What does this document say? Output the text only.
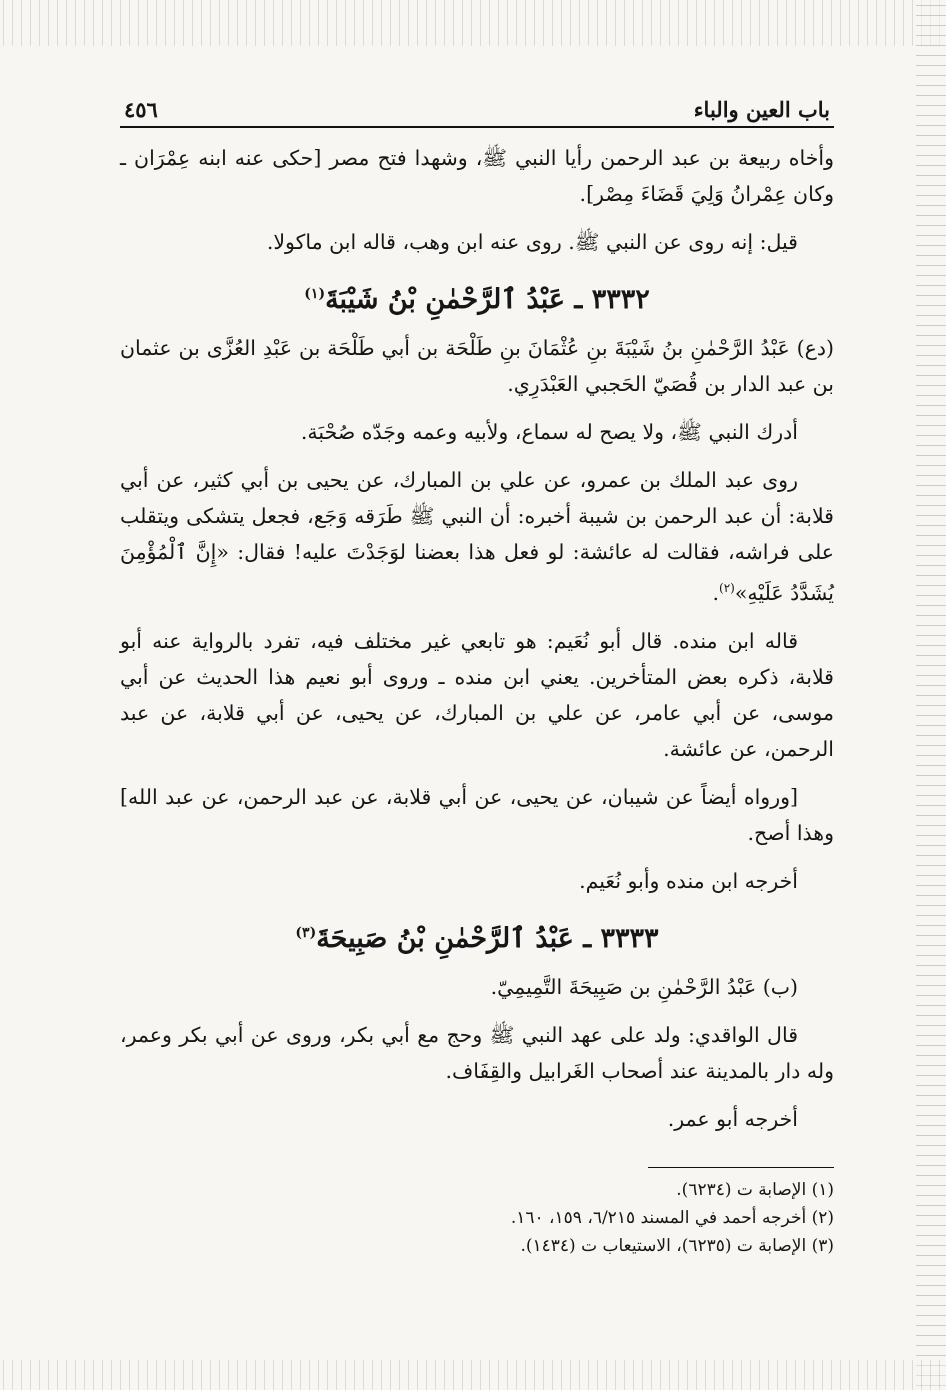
باب العين والباء
٤٥٦

وأخاه ربيعة بن عبد الرحمن رأيا النبي ﷺ، وشهدا فتح مصر [حكى عنه ابنه عِمْرَان ـ وكان عِمْرانُ وَلِيَ قَضَاءَ مِصْر].

قيل: إنه روى عن النبي ﷺ. روى عنه ابن وهب، قاله ابن ماكولا.

٣٣٣٢ ـ عَبْدُ ٱلرَّحْمٰنِ بْنُ شَيْبَةَ$^{(١)}$

(دع) عَبْدُ الرَّحْمٰنِ بنُ شَيْبَةَ بنِ عُثْمَانَ بنِ طَلْحَة بن أبي طَلْحَة بن عَبْدِ العُزَّى بن عثمان بن عبد الدار بن قُصَيّ الحَجبي العَبْدَرِي.

أدرك النبي ﷺ، ولا يصح له سماع، ولأبيه وعمه وجَدّه صُحْبَة.

روى عبد الملك بن عمرو، عن علي بن المبارك، عن يحيى بن أبي كثير، عن أبي قلابة: أن عبد الرحمن بن شيبة أخبره: أن النبي ﷺ طَرَقه وَجَع، فجعل يتشكى ويتقلب على فراشه، فقالت له عائشة: لو فعل هذا بعضنا لوَجَدْتَ عليه! فقال: «إِنَّ ٱلْمُؤْمِنَ يُشَدَّدُ عَلَيْهِ»$^{(٢)}$.

قاله ابن منده. قال أبو نُعَيم: هو تابعي غير مختلف فيه، تفرد بالرواية عنه أبو قلابة، ذكره بعض المتأخرين. يعني ابن منده ـ وروى أبو نعيم هذا الحديث عن أبي موسى، عن أبي عامر، عن علي بن المبارك، عن يحيى، عن أبي قلابة، عن عبد الرحمن، عن عائشة.

[ورواه أيضاً عن شيبان، عن يحيى، عن أبي قلابة، عن عبد الرحمن، عن عبد الله] وهذا أصح.

أخرجه ابن منده وأبو نُعَيم.

٣٣٣٣ ـ عَبْدُ ٱلرَّحْمٰنِ بْنُ صَبِيحَةَ$^{(٣)}$

(ب) عَبْدُ الرَّحْمٰنِ بن صَبِيحَةَ التَّمِيمِيّ.

قال الواقدي: ولد على عهد النبي ﷺ وحج مع أبي بكر، وروى عن أبي بكر وعمر، وله دار بالمدينة عند أصحاب الغَرابيل والقِفَاف.

أخرجه أبو عمر.

(١) الإصابة ت (٦٢٣٤).

(٢) أخرجه أحمد في المسند ٦/٢١٥، ١٥٩، ١٦٠.

(٣) الإصابة ت (٦٢٣٥)، الاستيعاب ت (١٤٣٤).
